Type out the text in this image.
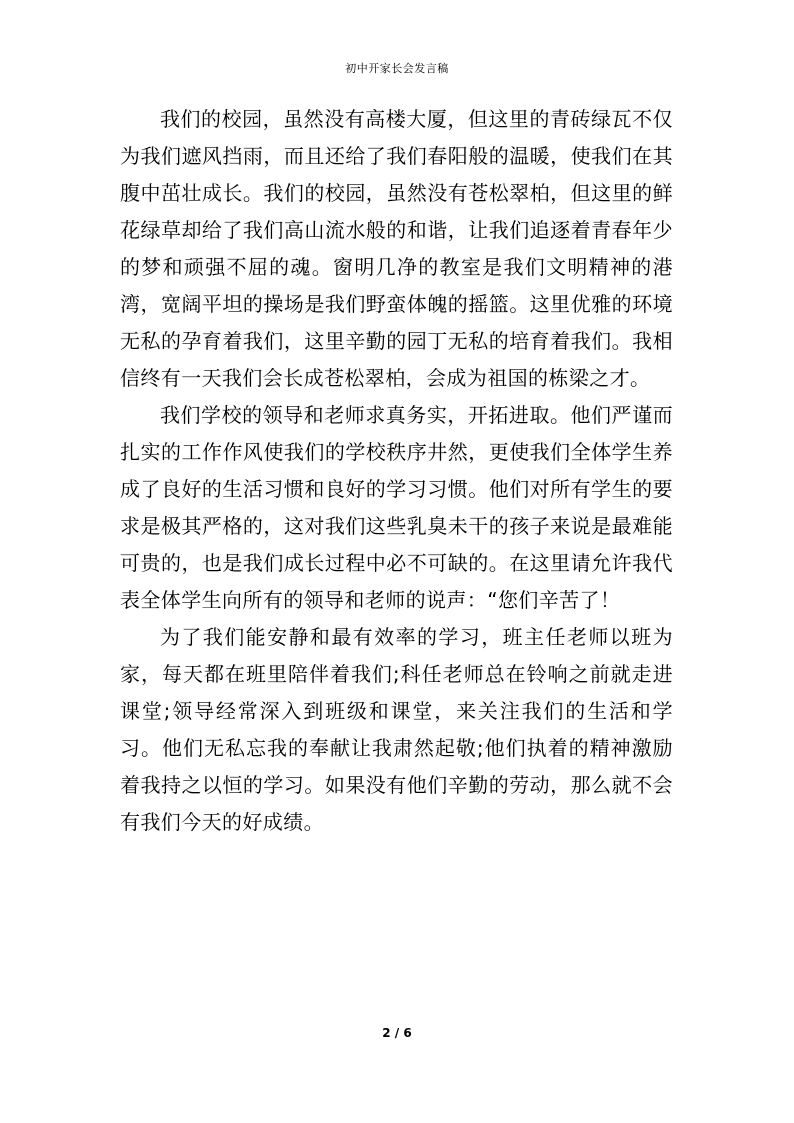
初中开家长会发言稿

我们的校园，虽然没有高楼大厦，但这里的青砖绿瓦不仅为我们遮风挡雨，而且还给了我们春阳般的温暖，使我们在其腹中茁壮成长。我们的校园，虽然没有苍松翠柏，但这里的鲜花绿草却给了我们高山流水般的和谐，让我们追逐着青春年少的梦和顽强不屈的魂。窗明几净的教室是我们文明精神的港湾，宽阔平坦的操场是我们野蛮体魄的摇篮。这里优雅的环境无私的孕育着我们，这里辛勤的园丁无私的培育着我们。我相信终有一天我们会长成苍松翠柏，会成为祖国的栋梁之才。

我们学校的领导和老师求真务实，开拓进取。他们严谨而扎实的工作作风使我们的学校秩序井然，更使我们全体学生养成了良好的生活习惯和良好的学习习惯。他们对所有学生的要求是极其严格的，这对我们这些乳臭未干的孩子来说是最难能可贵的，也是我们成长过程中必不可缺的。在这里请允许我代表全体学生向所有的领导和老师的说声：“您们辛苦了！

为了我们能安静和最有效率的学习，班主任老师以班为家，每天都在班里陪伴着我们;科任老师总在铃响之前就走进课堂;领导经常深入到班级和课堂，来关注我们的生活和学习。他们无私忘我的奉献让我肃然起敬;他们执着的精神激励着我持之以恒的学习。如果没有他们辛勤的劳动，那么就不会有我们今天的好成绩。

2 / 6
